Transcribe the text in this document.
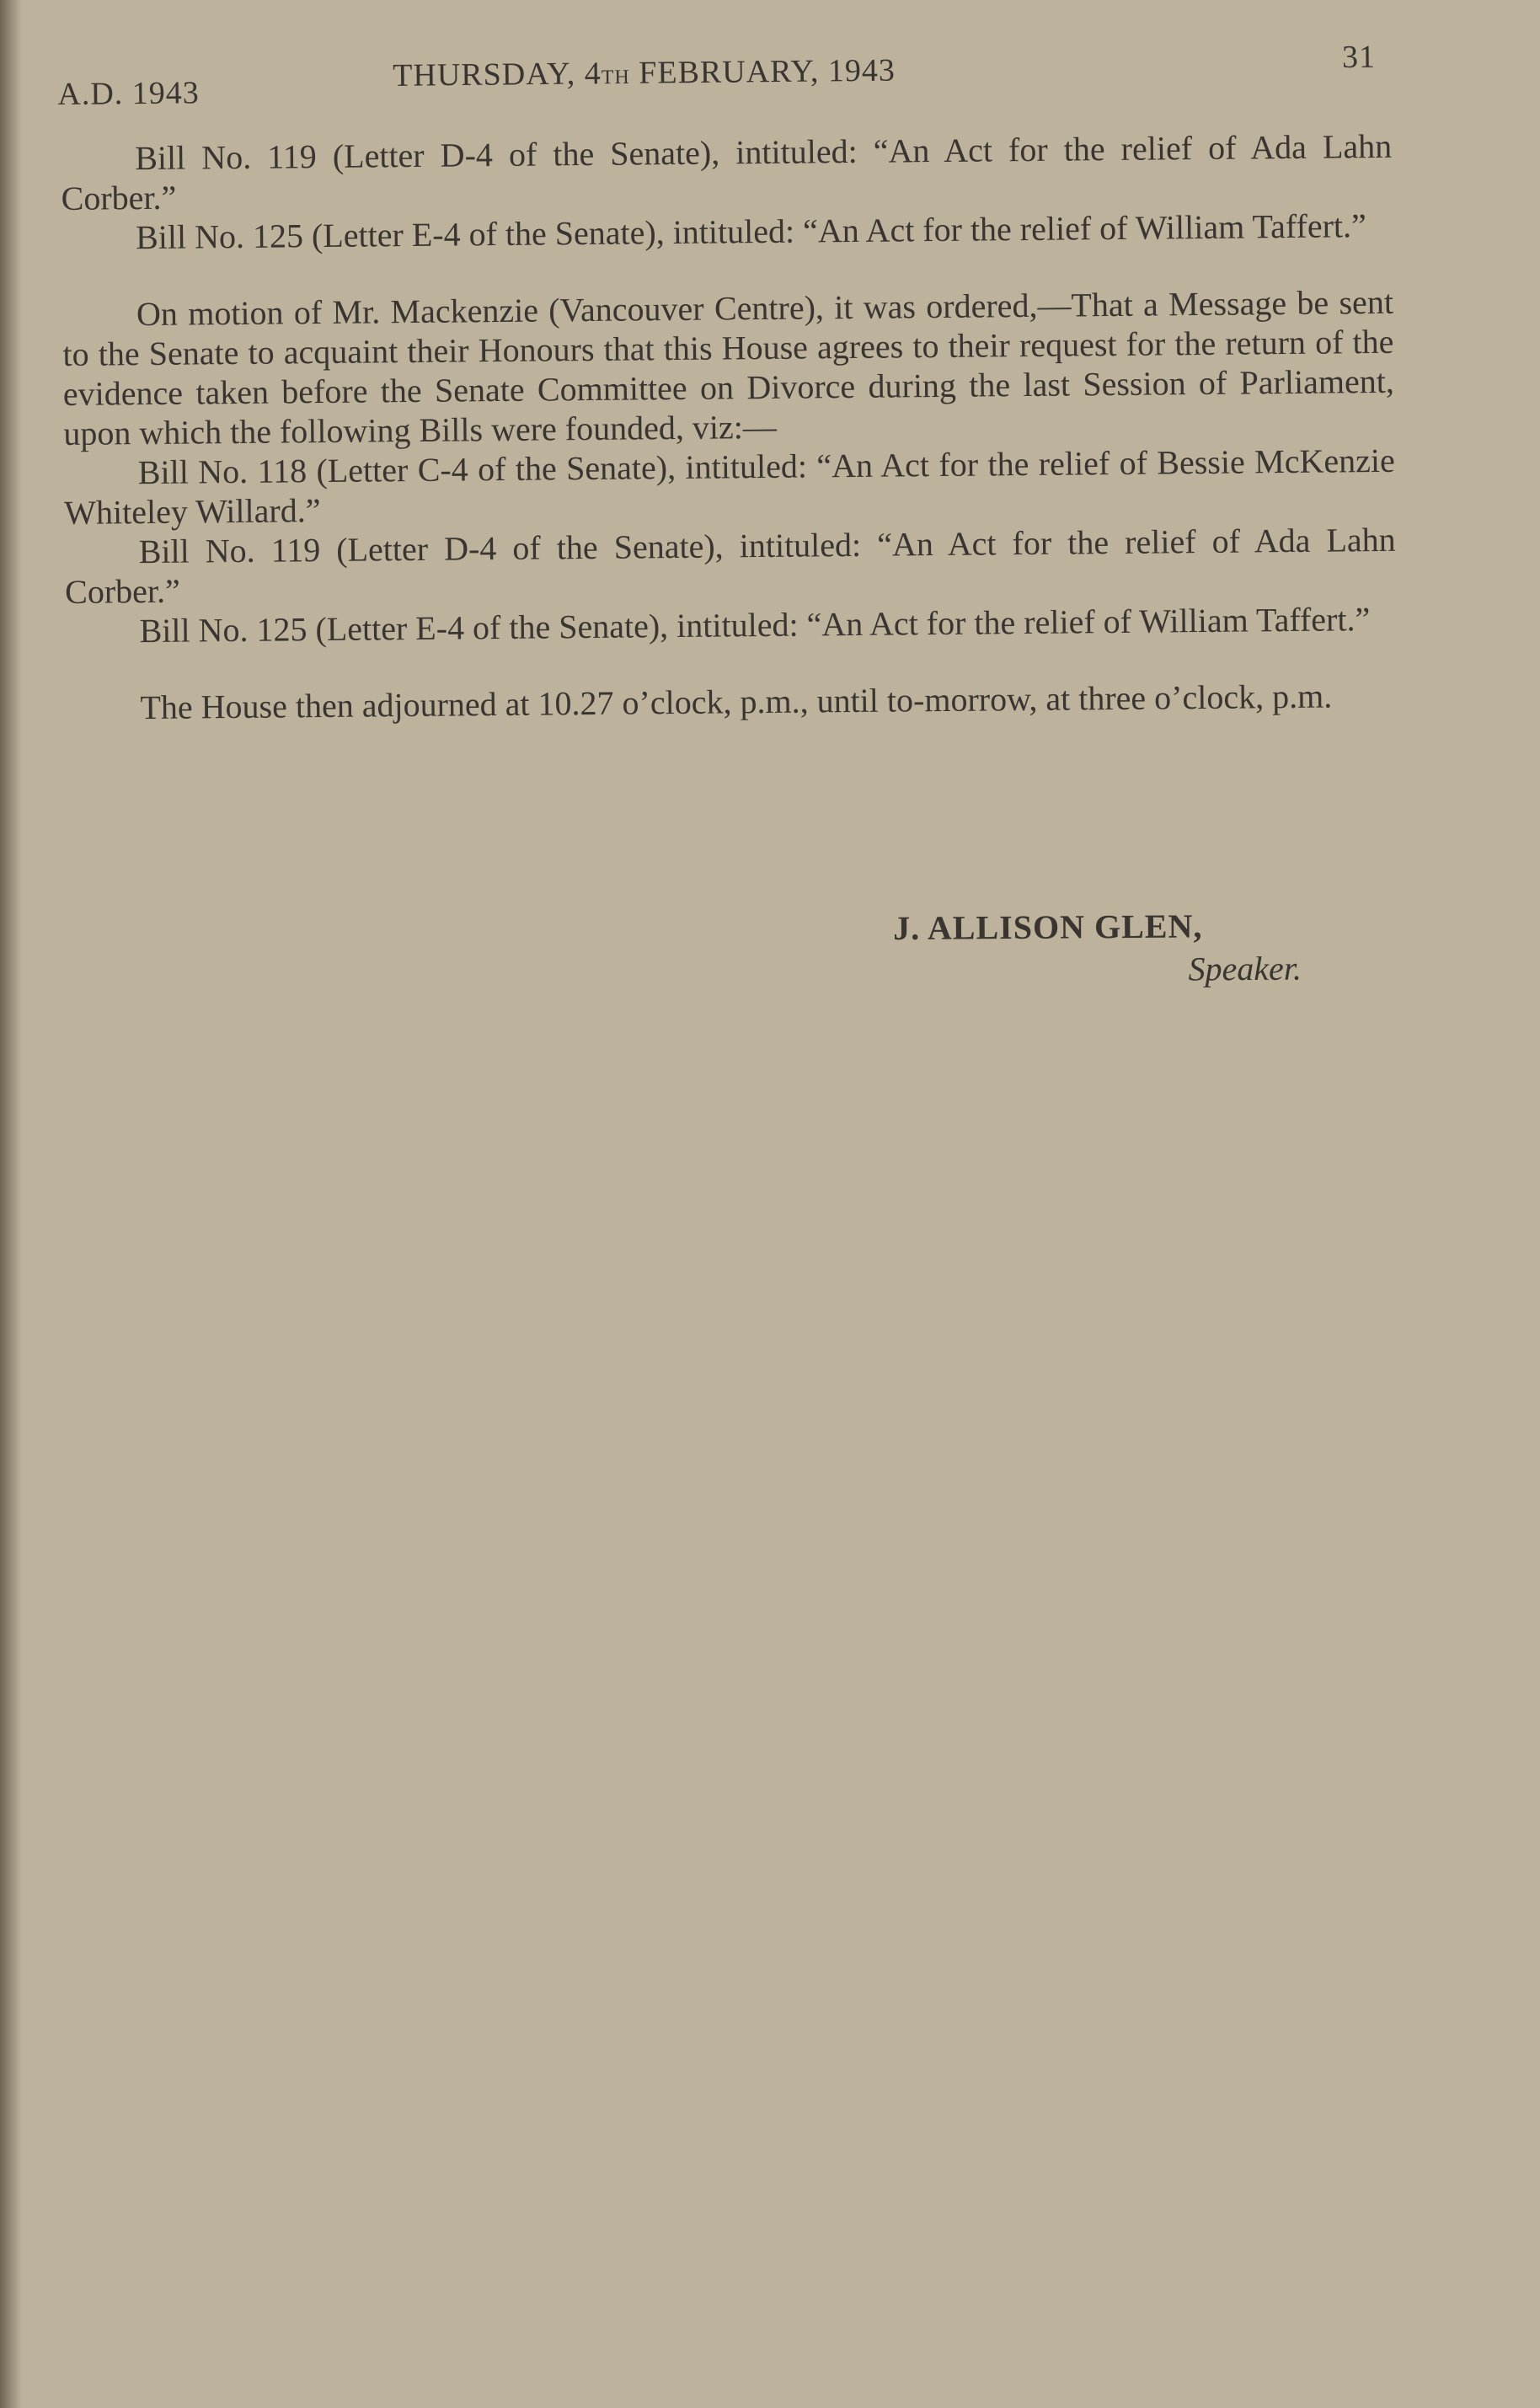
A.D. 1943
THURSDAY, 4th FEBRUARY, 1943	31

Bill No. 119 (Letter D-4 of the Senate), intituled: “An Act for the relief of Ada Lahn Corber.”

Bill No. 125 (Letter E-4 of the Senate), intituled: “An Act for the relief of William Taffert.”

On motion of Mr. Mackenzie (Vancouver Centre), it was ordered,—That a Message be sent to the Senate to acquaint their Honours that this House agrees to their request for the return of the evidence taken before the Senate Committee on Divorce during the last Session of Parliament, upon which the following Bills were founded, viz:—

Bill No. 118 (Letter C-4 of the Senate), intituled: “An Act for the relief of Bessie McKenzie Whiteley Willard.”

Bill No. 119 (Letter D-4 of the Senate), intituled: “An Act for the relief of Ada Lahn Corber.”

Bill No. 125 (Letter E-4 of the Senate), intituled: “An Act for the relief of William Taffert.”

The House then adjourned at 10.27 o’clock, p.m., until to-morrow, at three o’clock, p.m.

J. ALLISON GLEN,
Speaker.
